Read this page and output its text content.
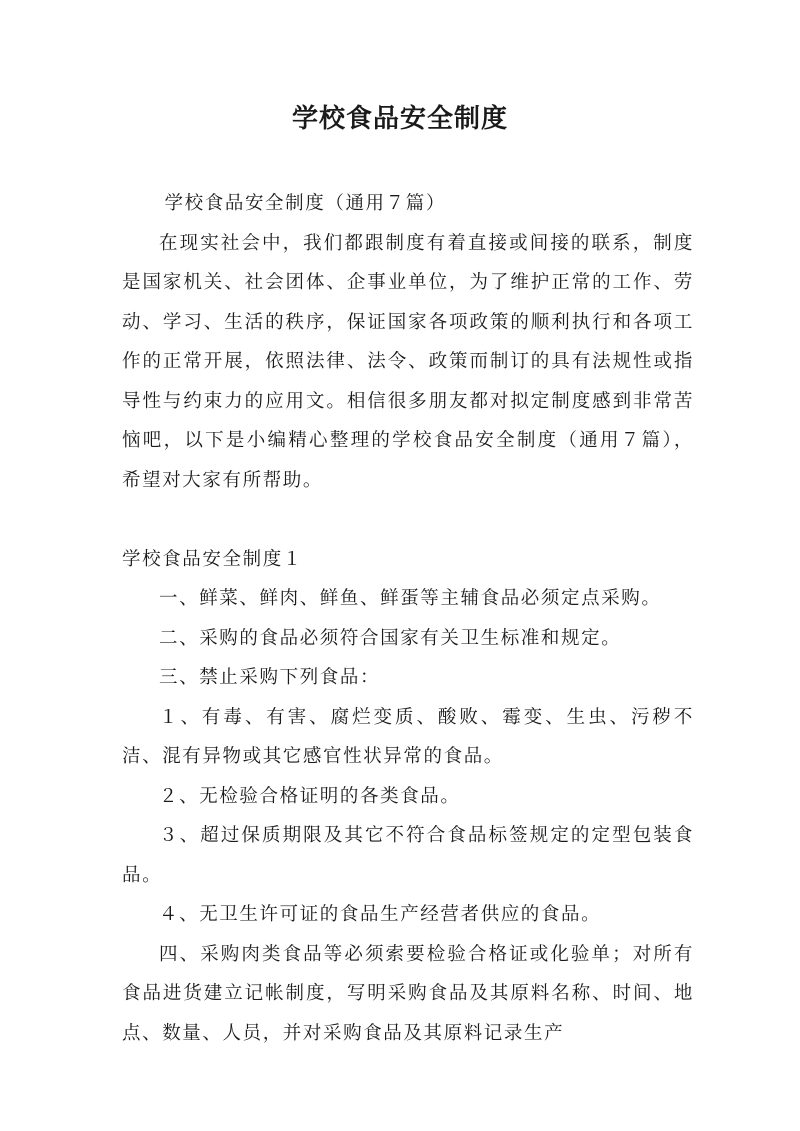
学校食品安全制度

学校食品安全制度（通用７篇）

在现实社会中，我们都跟制度有着直接或间接的联系，制度是国家机关、社会团体、企事业单位，为了维护正常的工作、劳动、学习、生活的秩序，保证国家各项政策的顺利执行和各项工作的正常开展，依照法律、法令、政策而制订的具有法规性或指导性与约束力的应用文。相信很多朋友都对拟定制度感到非常苦恼吧，以下是小编精心整理的学校食品安全制度（通用７篇），希望对大家有所帮助。

学校食品安全制度１

一、鲜菜、鲜肉、鲜鱼、鲜蛋等主辅食品必须定点采购。

二、采购的食品必须符合国家有关卫生标准和规定。

三、禁止采购下列食品：

１、有毒、有害、腐烂变质、酸败、霉变、生虫、污秽不洁、混有异物或其它感官性状异常的食品。

２、无检验合格证明的各类食品。

３、超过保质期限及其它不符合食品标签规定的定型包装食品。

４、无卫生许可证的食品生产经营者供应的食品。

四、采购肉类食品等必须索要检验合格证或化验单；对所有食品进货建立记帐制度，写明采购食品及其原料名称、时间、地点、数量、人员，并对采购食品及其原料记录生产
